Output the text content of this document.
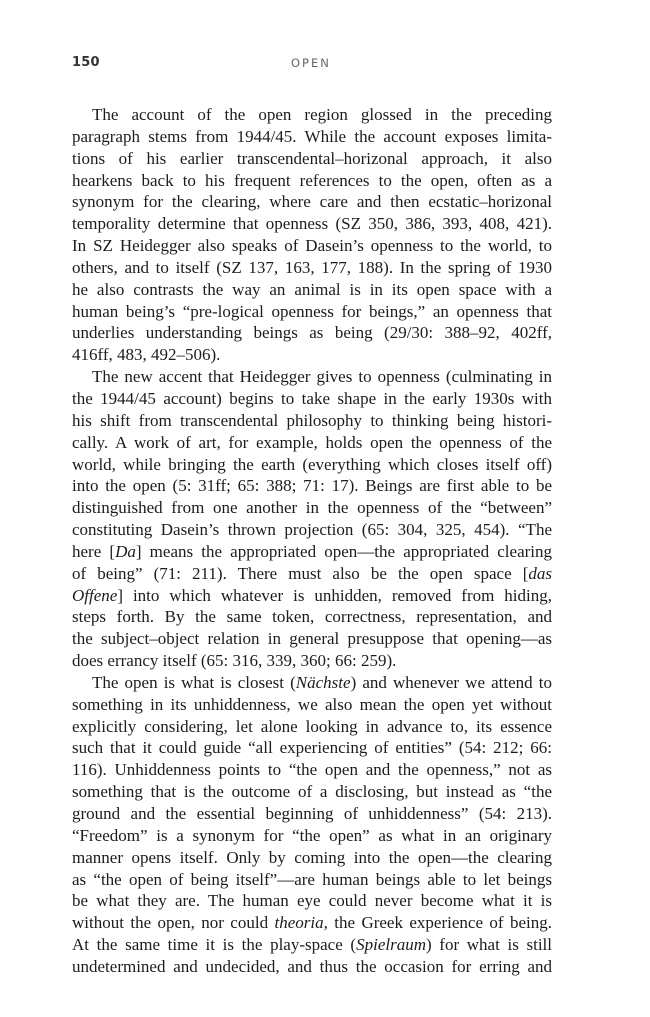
150	OPEN
The account of the open region glossed in the preceding
paragraph stems from 1944/45. While the account exposes limita-
tions of his earlier transcendental–horizonal approach, it also
hearkens back to his frequent references to the open, often as a
synonym for the clearing, where care and then ecstatic–horizonal
temporality determine that openness (SZ 350, 386, 393, 408, 421).
In SZ Heidegger also speaks of Dasein’s openness to the world, to
others, and to itself (SZ 137, 163, 177, 188). In the spring of 1930
he also contrasts the way an animal is in its open space with a
human being’s “pre-logical openness for beings,” an openness that
underlies understanding beings as being (29/30: 388–92, 402ff,
416ff, 483, 492–506).
The new accent that Heidegger gives to openness (culminating in
the 1944/45 account) begins to take shape in the early 1930s with
his shift from transcendental philosophy to thinking being histori-
cally. A work of art, for example, holds open the openness of the
world, while bringing the earth (everything which closes itself off)
into the open (5: 31ff; 65: 388; 71: 17). Beings are first able to be
distinguished from one another in the openness of the “between”
constituting Dasein’s thrown projection (65: 304, 325, 454). “The
here [Da] means the appropriated open—the appropriated clearing
of being” (71: 211). There must also be the open space [das
Offene] into which whatever is unhidden, removed from hiding,
steps forth. By the same token, correctness, representation, and
the subject–object relation in general presuppose that opening—as
does errancy itself (65: 316, 339, 360; 66: 259).
The open is what is closest (Nächste) and whenever we attend to
something in its unhiddenness, we also mean the open yet without
explicitly considering, let alone looking in advance to, its essence
such that it could guide “all experiencing of entities” (54: 212; 66:
116). Unhiddenness points to “the open and the openness,” not as
something that is the outcome of a disclosing, but instead as “the
ground and the essential beginning of unhiddenness” (54: 213).
“Freedom” is a synonym for “the open” as what in an originary
manner opens itself. Only by coming into the open—the clearing
as “the open of being itself”—are human beings able to let beings
be what they are. The human eye could never become what it is
without the open, nor could theoria, the Greek experience of being.
At the same time it is the play-space (Spielraum) for what is still
undetermined and undecided, and thus the occasion for erring and
